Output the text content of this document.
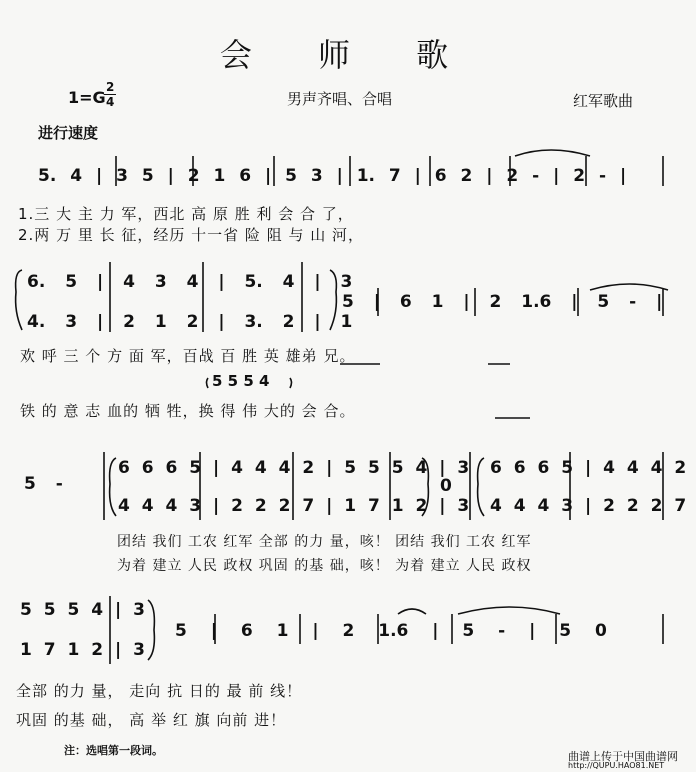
会 师 歌
1=G
2
4	男声齐唱、合唱	红军歌曲
进行速度
5. 4 | 3 5 | 2 1 6 | 5 3 | 1. 7 | 6 2 | 2 - | 2 - |
1.三 大 主 力 军，西北 高 原 胜 利 会 合 了，
2.两 万 里 长 征，经历 十一省 险 阻 与 山 河，
6. 5 | 4 3 4 | 5. 4 | 3
4. 3 | 2 1 2 | 3. 2 | 1
5 | 6 1 | 2 1.6 | 5 - |
欢 呼 三 个 方 面 军，百战 百 胜 英 雄弟 兄。
5 5 5 4
铁 的 意 志 血的 牺 牲，换 得 伟 大的 会 合。
5 -
6 6 6 5 | 4 4 4 2 | 5 5 5 4 | 3
4 4 4 3 | 2 2 2 7 | 1 7 1 2 | 3
0
6 6 6 5 | 4 4 4 2
4 4 4 3 | 2 2 2 7
团结 我们 工农 红军 全部 的力 量，咳！ 团结 我们 工农 红军
为着 建立 人民 政权 巩固 的基 础，咳！ 为着 建立 人民 政权
5 5 5 4 | 3
1 7 1 2 | 3
5 | 6 1 | 2 1.6 | 5 - | 5 0
全部 的力 量， 走向 抗 日的 最 前 线！
巩固 的基 础， 高 举 红 旗 向前 进！
注：选唱第一段词。	曲谱上传于中国曲谱网
http://QUPU.HAO81.NET
